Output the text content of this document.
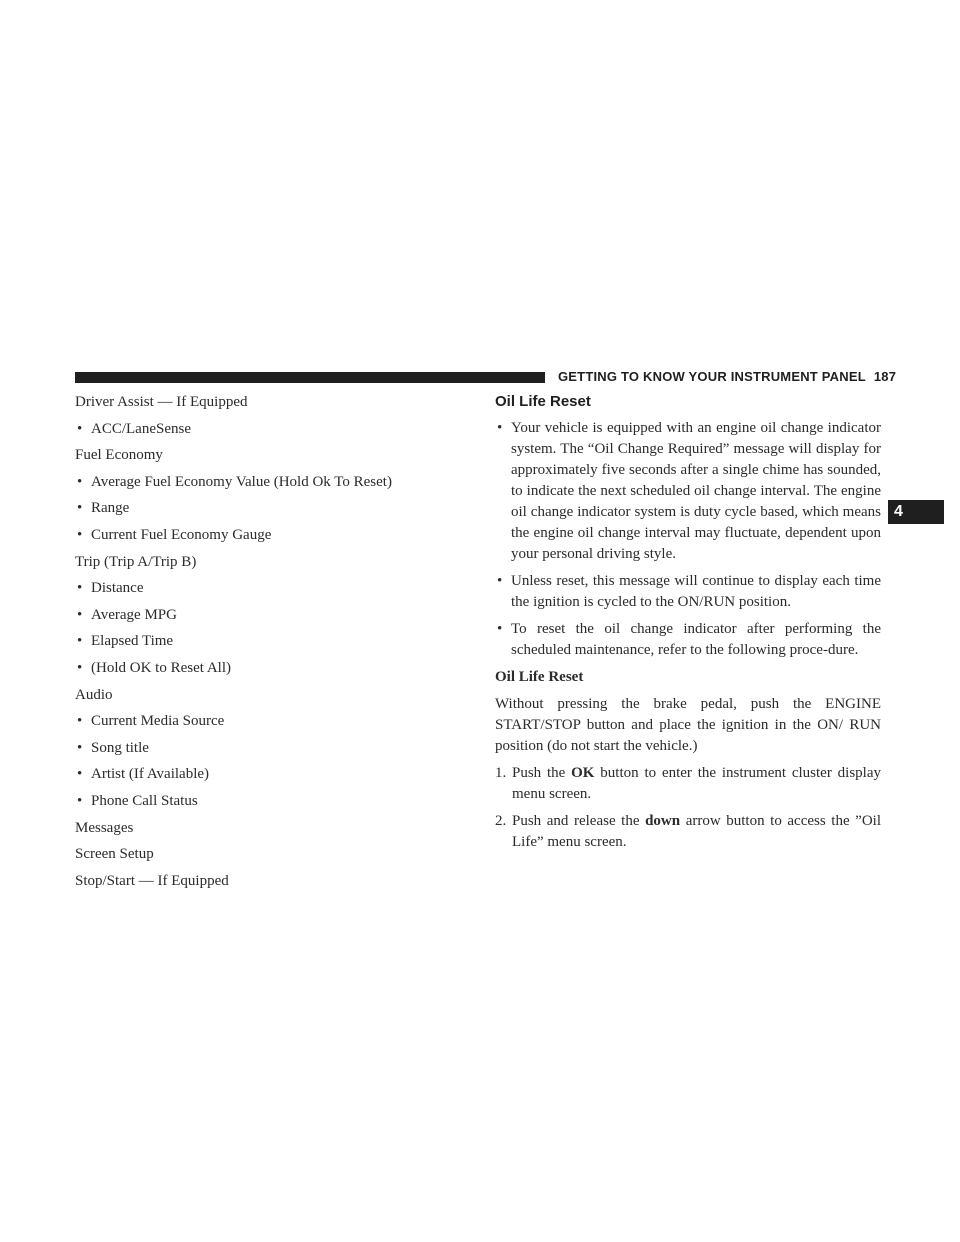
GETTING TO KNOW YOUR INSTRUMENT PANEL 187
4

Driver Assist — If Equipped

• ACC/LaneSense

Fuel Economy

• Average Fuel Economy Value (Hold Ok To Reset)

• Range

• Current Fuel Economy Gauge

Trip (Trip A/Trip B)

• Distance

• Average MPG

• Elapsed Time

• (Hold OK to Reset All)

Audio

• Current Media Source

• Song title

• Artist (If Available)

• Phone Call Status

Messages

Screen Setup

Stop/Start — If Equipped

Oil Life Reset

• Your vehicle is equipped with an engine oil change indicator system. The “Oil Change Required” message will display for approximately five seconds after a single chime has sounded, to indicate the next scheduled oil change interval. The engine oil change indicator system is duty cycle based, which means the engine oil change interval may fluctuate, dependent upon your personal driving style.

• Unless reset, this message will continue to display each time the ignition is cycled to the ON/RUN position.

• To reset the oil change indicator after performing the scheduled maintenance, refer to the following proce-dure.

Oil Life Reset

Without pressing the brake pedal, push the ENGINE START/STOP button and place the ignition in the ON/ RUN position (do not start the vehicle.)

1. Push the OK button to enter the instrument cluster display menu screen.

2. Push and release the down arrow button to access the ”Oil Life” menu screen.
